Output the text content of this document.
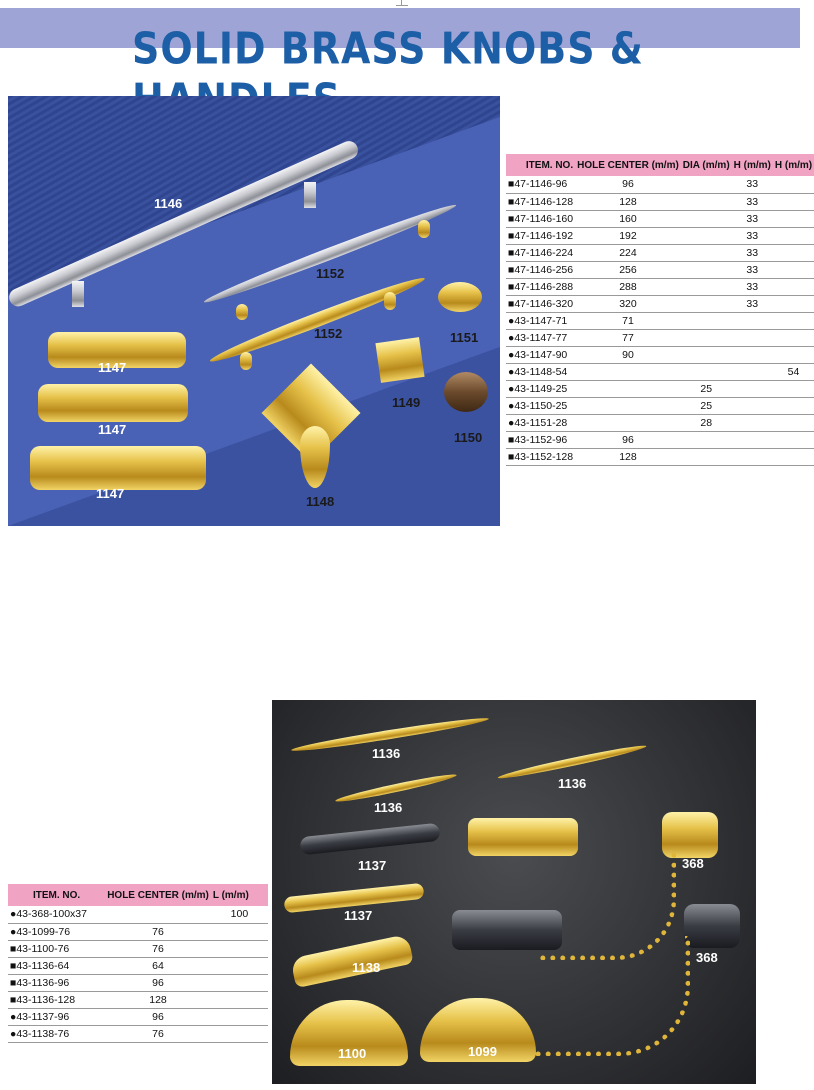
SOLID BRASS KNOBS &
1146
1152
1152	1151
1147
1147
1147
1149
1150
1148
ITEM. NO.	HOLE CENTER (m/m)	DIA (m/m)	H (m/m)	H (m/m)
■47-1146-96	96		33	
■47-1146-128	128		33	
■47-1146-160	160		33	
■47-1146-192	192		33	
■47-1146-224	224		33	
■47-1146-256	256		33	
■47-1146-288	288		33	
■47-1146-320	320		33	
●43-1147-71	71			
●43-1147-77	77			
●43-1147-90	90			
●43-1148-54				54
●43-1149-25		25		
●43-1150-25		25		
●43-1151-28		28		
■43-1152-96	96			
■43-1152-128	128			
1136
1136
1136
1137
1137
1138
368
368
1100	1099
ITEM. NO.	HOLE CENTER (m/m)	L (m/m)
●43-368-100x37		100
●43-1099-76	76	
■43-1100-76	76	
■43-1136-64	64	
■43-1136-96	96	
■43-1136-128	128	
●43-1137-96	96	
●43-1138-76	76	
